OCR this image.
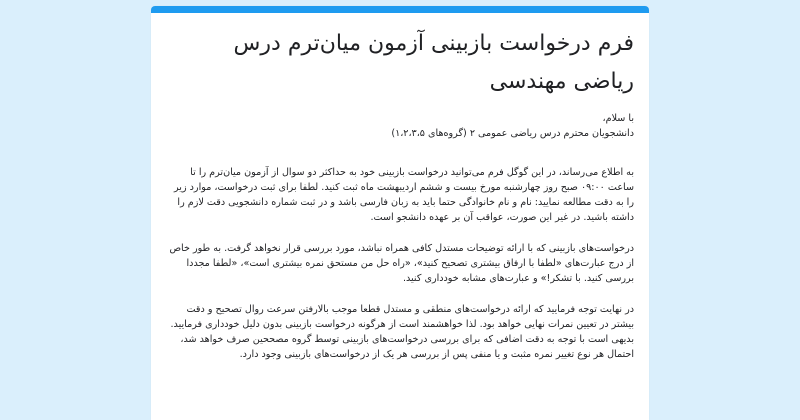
فرم درخواست بازبینی آزمون میان‌ترم درس ریاضی مهندسی

با سلام،
دانشجویان محترم درس ریاضی عمومی ۲ (گروه‌های ۱،۲،۳،۵)

به اطلاع می‌رساند، در این گوگل فرم می‌توانید درخواست بازبینی خود به حداکثر دو سوال از آزمون میان‌ترم را تا ساعت ۰۹:۰۰ صبح روز چهارشنبه مورخ بیست و ششم اردیبهشت ماه ثبت کنید. لطفا برای ثبت درخواست، موارد زیر را به دقت مطالعه نمایید: نام و نام خانوادگی حتما باید به زبان فارسی باشد و در ثبت شماره دانشجویی دقت لازم را داشته باشید. در غیر این صورت، عواقب آن بر عهده دانشجو است.

درخواست‌های بازبینی که با ارائه توضیحات مستدل کافی همراه نباشد، مورد بررسی قرار نخواهد گرفت. به طور خاص از درج عبارت‌های «لطفا با ارفاق بیشتری تصحیح کنید»، «راه حل من مستحق نمره بیشتری است»، «لطفا مجددا بررسی کنید. با تشکر!» و عبارت‌های مشابه خودداری کنید.

در نهایت توجه فرمایید که ارائه درخواست‌های منطقی و مستدل قطعا موجب بالارفتن سرعت روال تصحیح و دقت بیشتر در تعیین نمرات نهایی خواهد بود. لذا خواهشمند است از هرگونه درخواست بازبینی بدون دلیل خودداری فرمایید. بدیهی است با توجه به دقت اضافی که برای بررسی درخواست‌های بازبینی توسط گروه مصححین صرف خواهد شد، احتمال هر نوع تغییر نمره مثبت و یا منفی پس از بررسی هر یک از درخواست‌های بازبینی وجود دارد.
